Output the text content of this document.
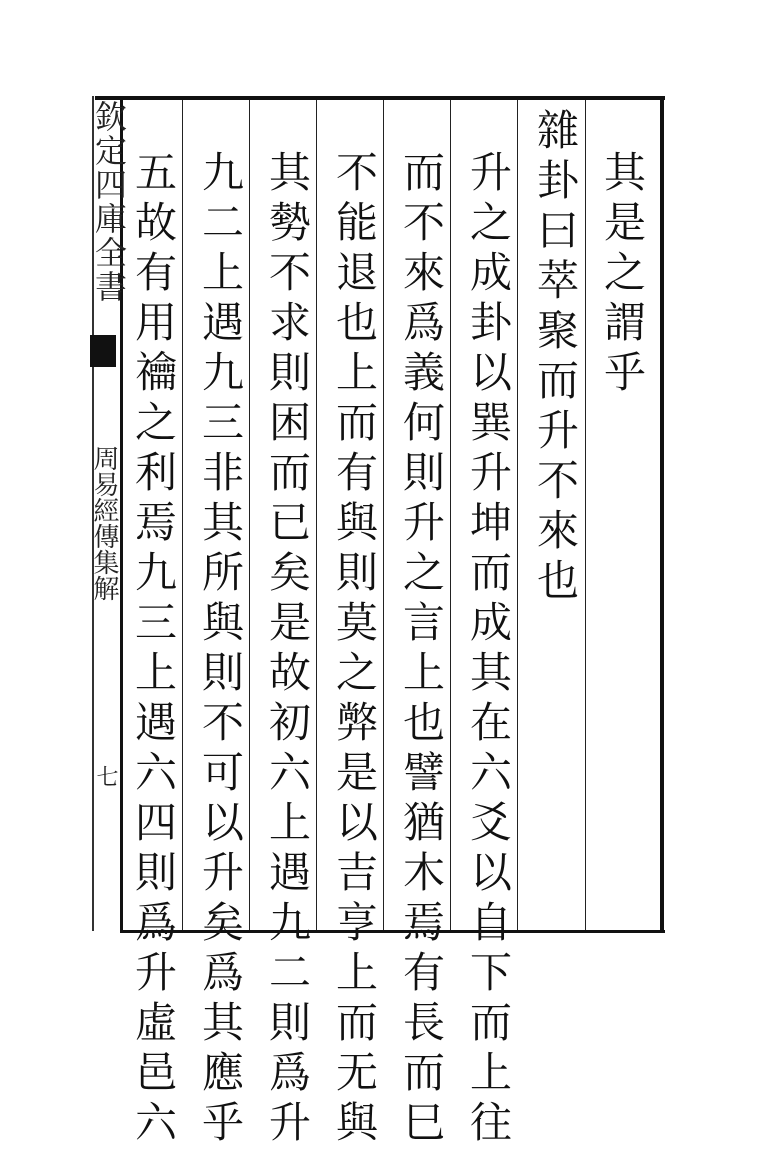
其是之謂乎
雜卦曰萃聚而升不來也
升之成卦以巽升坤而成其在六爻以自下而上往
而不來爲義何則升之言上也譬猶木焉有長而巳
不能退也上而有與則莫之㢢是以吉亨上而无與
其勢不求則困而已矣是故初六上遇九二則爲升
九二上遇九三非其所與則不可以升矣爲其應乎
五故有用禴之利焉九三上遇六四則爲升虛邑六
欽定四庫全書
周易經傳集解
七
